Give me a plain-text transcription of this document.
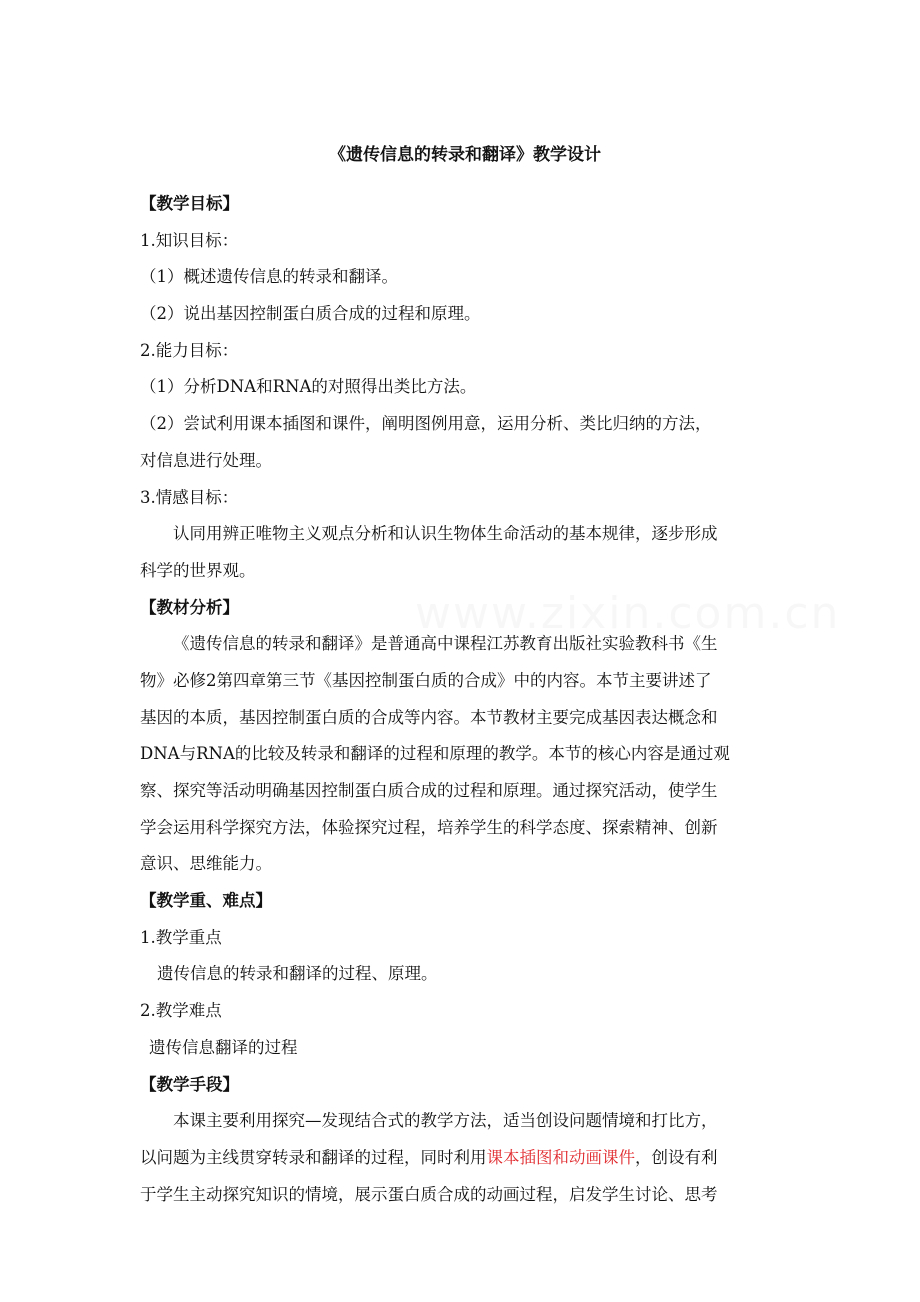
www.zixin.com.cn

《遗传信息的转录和翻译》教学设计

【教学目标】

1.知识目标：

（1）概述遗传信息的转录和翻译。

（2）说出基因控制蛋白质合成的过程和原理。

2.能力目标：

（1）分析DNA和RNA的对照得出类比方法。

（2）尝试利用课本插图和课件，阐明图例用意，运用分析、类比归纳的方法，

对信息进行处理。

3.情感目标：

认同用辨正唯物主义观点分析和认识生物体生命活动的基本规律，逐步形成

科学的世界观。

【教材分析】

《遗传信息的转录和翻译》是普通高中课程江苏教育出版社实验教科书《生

物》必修2第四章第三节《基因控制蛋白质的合成》中的内容。本节主要讲述了

基因的本质，基因控制蛋白质的合成等内容。本节教材主要完成基因表达概念和

DNA与RNA的比较及转录和翻译的过程和原理的教学。本节的核心内容是通过观

察、探究等活动明确基因控制蛋白质合成的过程和原理。通过探究活动，使学生

学会运用科学探究方法，体验探究过程，培养学生的科学态度、探索精神、创新

意识、思维能力。

【教学重、难点】

1.教学重点

遗传信息的转录和翻译的过程、原理。

2.教学难点

遗传信息翻译的过程

【教学手段】

本课主要利用探究—发现结合式的教学方法，适当创设问题情境和打比方，

以问题为主线贯穿转录和翻译的过程，同时利用课本插图和动画课件，创设有利

于学生主动探究知识的情境，展示蛋白质合成的动画过程，启发学生讨论、思考
